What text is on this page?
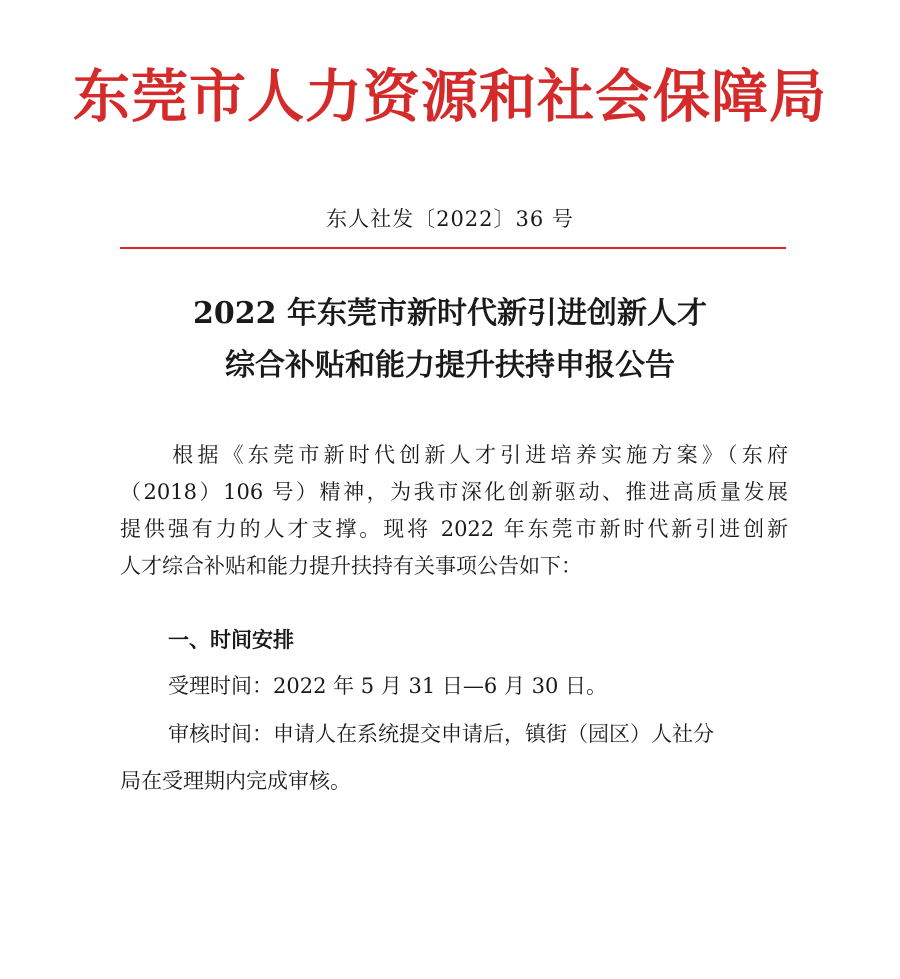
东莞市人力资源和社会保障局
东人社发〔2022〕36 号
2022 年东莞市新时代新引进创新人才
综合补贴和能力提升扶持申报公告
根据《东莞市新时代创新人才引进培养实施方案》（东府
（2018）106 号）精神，为我市深化创新驱动、推进高质量发展
提供强有力的人才支撑。现将 2022 年东莞市新时代新引进创新
人才综合补贴和能力提升扶持有关事项公告如下：
一、时间安排
受理时间：2022 年 5 月 31 日—6 月 30 日。
审核时间：申请人在系统提交申请后，镇街（园区）人社分
局在受理期内完成审核。
